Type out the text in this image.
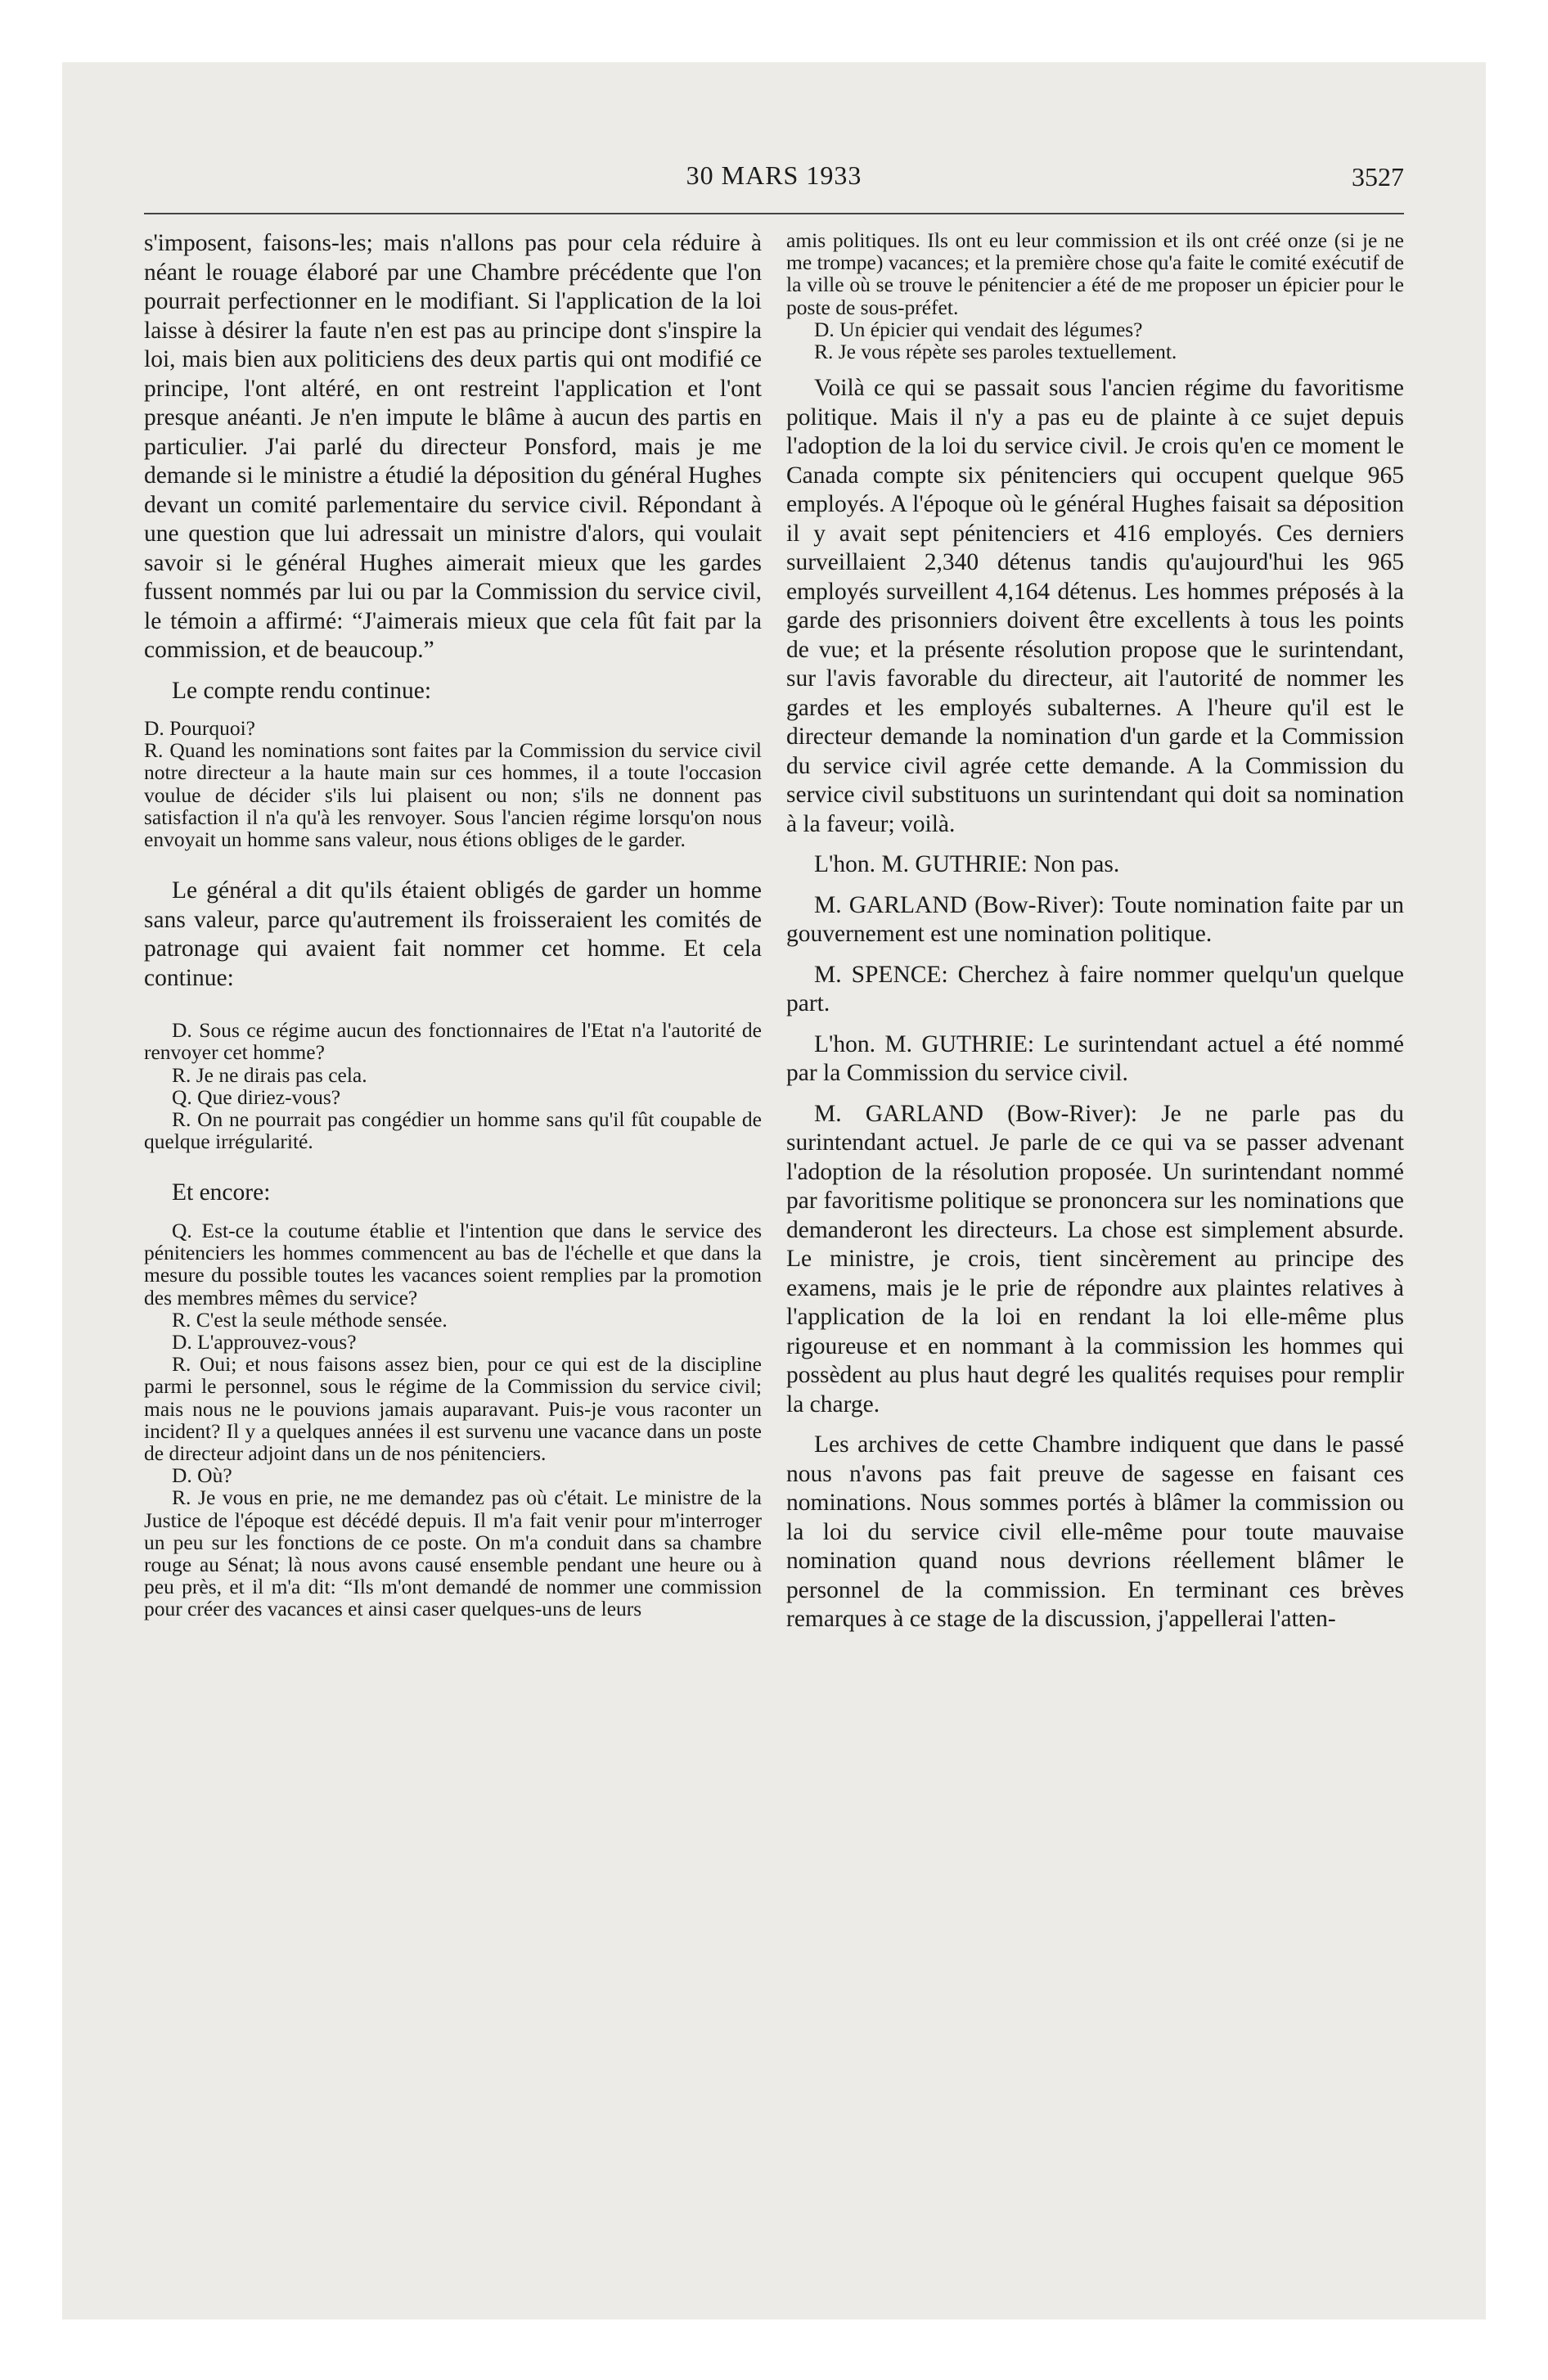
30 MARS 1933	3527

s'imposent, faisons-les; mais n'allons pas pour cela réduire à néant le rouage élaboré par une Chambre précédente que l'on pourrait perfectionner en le modifiant. Si l'application de la loi laisse à désirer la faute n'en est pas au principe dont s'inspire la loi, mais bien aux politiciens des deux partis qui ont modifié ce principe, l'ont altéré, en ont restreint l'application et l'ont presque anéanti. Je n'en impute le blâme à aucun des partis en particulier. J'ai parlé du directeur Ponsford, mais je me demande si le ministre a étudié la déposition du général Hughes devant un comité parlementaire du service civil. Répondant à une question que lui adressait un ministre d'alors, qui voulait savoir si le général Hughes aimerait mieux que les gardes fussent nommés par lui ou par la Commission du service civil, le témoin a affirmé: “J'aimerais mieux que cela fût fait par la commission, et de beaucoup.”

Le compte rendu continue:

D. Pourquoi?

R. Quand les nominations sont faites par la Commission du service civil notre directeur a la haute main sur ces hommes, il a toute l'occasion voulue de décider s'ils lui plaisent ou non; s'ils ne donnent pas satisfaction il n'a qu'à les renvoyer. Sous l'ancien régime lorsqu'on nous envoyait un homme sans valeur, nous étions obliges de le garder.

Le général a dit qu'ils étaient obligés de garder un homme sans valeur, parce qu'autrement ils froisseraient les comités de patronage qui avaient fait nommer cet homme. Et cela continue:

D. Sous ce régime aucun des fonctionnaires de l'Etat n'a l'autorité de renvoyer cet homme?

R. Je ne dirais pas cela.

Q. Que diriez-vous?

R. On ne pourrait pas congédier un homme sans qu'il fût coupable de quelque irrégularité.

Et encore:

Q. Est-ce la coutume établie et l'intention que dans le service des pénitenciers les hommes commencent au bas de l'échelle et que dans la mesure du possible toutes les vacances soient remplies par la promotion des membres mêmes du service?

R. C'est la seule méthode sensée.

D. L'approuvez-vous?

R. Oui; et nous faisons assez bien, pour ce qui est de la discipline parmi le personnel, sous le régime de la Commission du service civil; mais nous ne le pouvions jamais auparavant. Puis-je vous raconter un incident? Il y a quelques années il est survenu une vacance dans un poste de directeur adjoint dans un de nos pénitenciers.

D. Où?

R. Je vous en prie, ne me demandez pas où c'était. Le ministre de la Justice de l'époque est décédé depuis. Il m'a fait venir pour m'interroger un peu sur les fonctions de ce poste. On m'a conduit dans sa chambre rouge au Sénat; là nous avons causé ensemble pendant une heure ou à peu près, et il m'a dit: “Ils m'ont demandé de nommer une commission pour créer des vacances et ainsi caser quelques-uns de leurs

amis politiques. Ils ont eu leur commission et ils ont créé onze (si je ne me trompe) vacances; et la première chose qu'a faite le comité exécutif de la ville où se trouve le pénitencier a été de me proposer un épicier pour le poste de sous-préfet.

D. Un épicier qui vendait des légumes?

R. Je vous répète ses paroles textuellement.

Voilà ce qui se passait sous l'ancien régime du favoritisme politique. Mais il n'y a pas eu de plainte à ce sujet depuis l'adoption de la loi du service civil. Je crois qu'en ce moment le Canada compte six pénitenciers qui occupent quelque 965 employés. A l'époque où le général Hughes faisait sa déposition il y avait sept pénitenciers et 416 employés. Ces derniers surveillaient 2,340 détenus tandis qu'aujourd'hui les 965 employés surveillent 4,164 détenus. Les hommes préposés à la garde des prisonniers doivent être excellents à tous les points de vue; et la présente résolution propose que le surintendant, sur l'avis favorable du directeur, ait l'autorité de nommer les gardes et les employés subalternes. A l'heure qu'il est le directeur demande la nomination d'un garde et la Commission du service civil agrée cette demande. A la Commission du service civil substituons un surintendant qui doit sa nomination à la faveur; voilà.

L'hon. M. GUTHRIE: Non pas.

M. GARLAND (Bow-River): Toute nomination faite par un gouvernement est une nomination politique.

M. SPENCE: Cherchez à faire nommer quelqu'un quelque part.

L'hon. M. GUTHRIE: Le surintendant actuel a été nommé par la Commission du service civil.

M. GARLAND (Bow-River): Je ne parle pas du surintendant actuel. Je parle de ce qui va se passer advenant l'adoption de la résolution proposée. Un surintendant nommé par favoritisme politique se prononcera sur les nominations que demanderont les directeurs. La chose est simplement absurde. Le ministre, je crois, tient sincèrement au principe des examens, mais je le prie de répondre aux plaintes relatives à l'application de la loi en rendant la loi elle-même plus rigoureuse et en nommant à la commission les hommes qui possèdent au plus haut degré les qualités requises pour remplir la charge.

Les archives de cette Chambre indiquent que dans le passé nous n'avons pas fait preuve de sagesse en faisant ces nominations. Nous sommes portés à blâmer la commission ou la loi du service civil elle-même pour toute mauvaise nomination quand nous devrions réellement blâmer le personnel de la commission. En terminant ces brèves remarques à ce stage de la discussion, j'appellerai l'atten-
